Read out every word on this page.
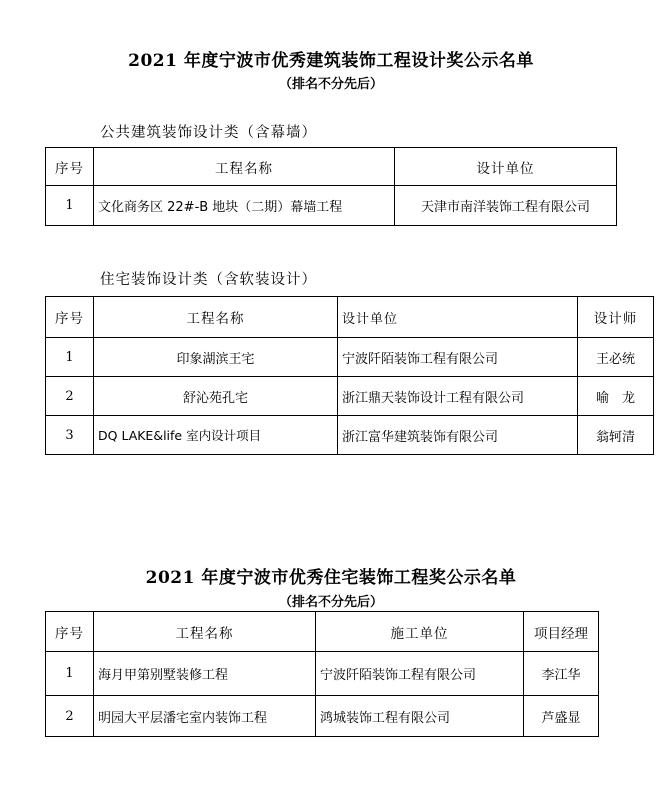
2021 年度宁波市优秀建筑装饰工程设计奖公示名单
（排名不分先后）
公共建筑装饰设计类（含幕墙）
序号	工程名称	设计单位
1	文化商务区 22#-B 地块（二期）幕墙工程	天津市南洋装饰工程有限公司
住宅装饰设计类（含软装设计）
序号	工程名称	设计单位	设计师
1	印象湖滨王宅	宁波阡陌装饰工程有限公司	王必统
2	舒沁苑孔宅	浙江鼎天装饰设计工程有限公司	喻　龙
3	DQ LAKE&life 室内设计项目	浙江富华建筑装饰有限公司	翁轲清
2021 年度宁波市优秀住宅装饰工程奖公示名单
（排名不分先后）
序号	工程名称	施工单位	项目经理
1	海月甲第别墅装修工程	宁波阡陌装饰工程有限公司	李江华
2	明园大平层潘宅室内装饰工程	鸿城装饰工程有限公司	芦盛显
